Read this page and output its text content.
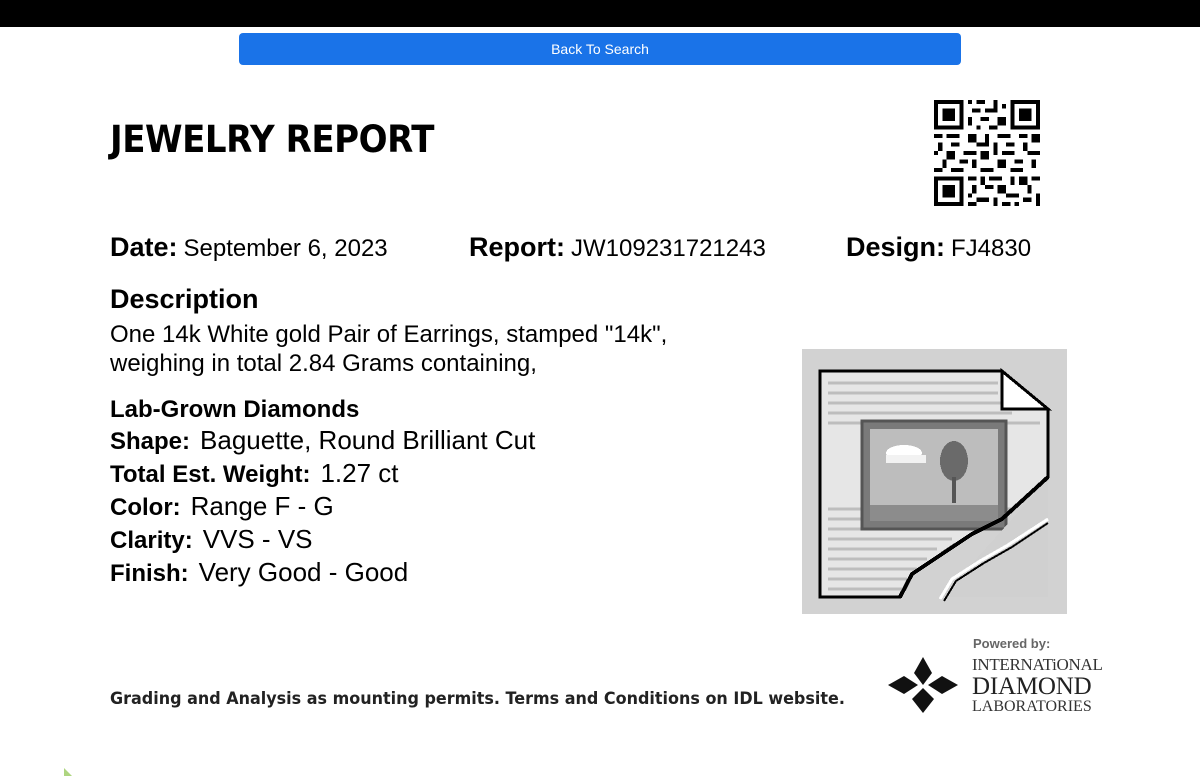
Back To Search
JEWELRY REPORT
Date: September 6, 2023	Report: JW109231721243	Design: FJ4830
Description

One 14k White gold Pair of Earrings, stamped "14k", weighing in total 2.84 Grams containing,

Lab-Grown Diamonds
Shape: Baguette, Round Brilliant Cut
Total Est. Weight: 1.27 ct
Color: Range F - G
Clarity: VVS - VS
Finish: Very Good - Good
Grading and Analysis as mounting permits. Terms and Conditions on IDL website.
Powered by:
INTERNATiONAL
DIAMOND
LABORATORIES
